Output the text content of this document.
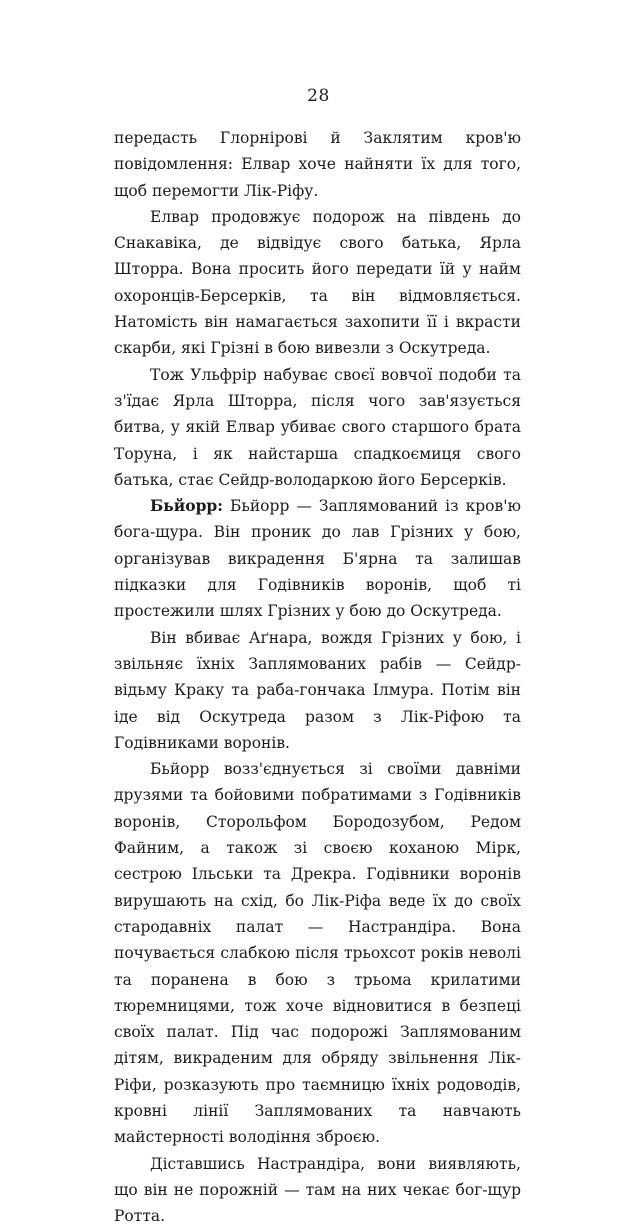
28

передасть Глорнірові й Заклятим кров'ю повідомлення: Елвар хоче найняти їх для того, щоб перемогти Лік-Ріфу.

Елвар продовжує подорож на південь до Снакавіка, де відвідує свого батька, Ярла Шторра. Вона просить його передати їй у найм охоронців-Берсерків, та він відмовляється. Натомість він намагається захопити її і вкрасти скарби, які Грізні в бою вивезли з Оскутреда.

Тож Ульфрір набуває своєї вовчої подоби та з'їдає Ярла Шторра, після чого зав'язується битва, у якій Елвар убиває свого старшого брата Торуна, і як найстарша спадкоємиця свого батька, стає Сейдр-володаркою його Берсерків.

Бьйорр: Бьйорр — Заплямований із кров'ю бога-щура. Він проник до лав Грізних у бою, організував викрадення Б'ярна та залишав підказки для Годівників воронів, щоб ті простежили шлях Грізних у бою до Оскутреда.

Він вбиває Аґнара, вождя Грізних у бою, і звільняє їхніх Заплямованих рабів — Сейдр-відьму Краку та раба-гончака Ілмура. Потім він іде від Оскутреда разом з Лік-Ріфою та Годівниками воронів.

Бьйорр возз'єднується зі своїми давніми друзями та бойовими побратимами з Годівників воронів, Сторольфом Бородозубом, Редом Файним, а також зі своєю коханою Мірк, сестрою Ільськи та Дрекра. Годівники воронів вирушають на схід, бо Лік-Ріфа веде їх до своїх стародавніх палат — Настрандіра. Вона почувається слабкою після трьохсот років неволі та поранена в бою з трьома крилатими тюремницями, тож хоче відновитися в безпеці своїх палат. Під час подорожі Заплямованим дітям, викраденим для обряду звільнення Лік-Ріфи, розказують про таємницю їхніх родоводів, кровні лінії Заплямованих та навчають майстерності володіння зброєю.

Діставшись Настрандіра, вони виявляють, що він не порожній — там на них чекає бог-щур Ротта.
